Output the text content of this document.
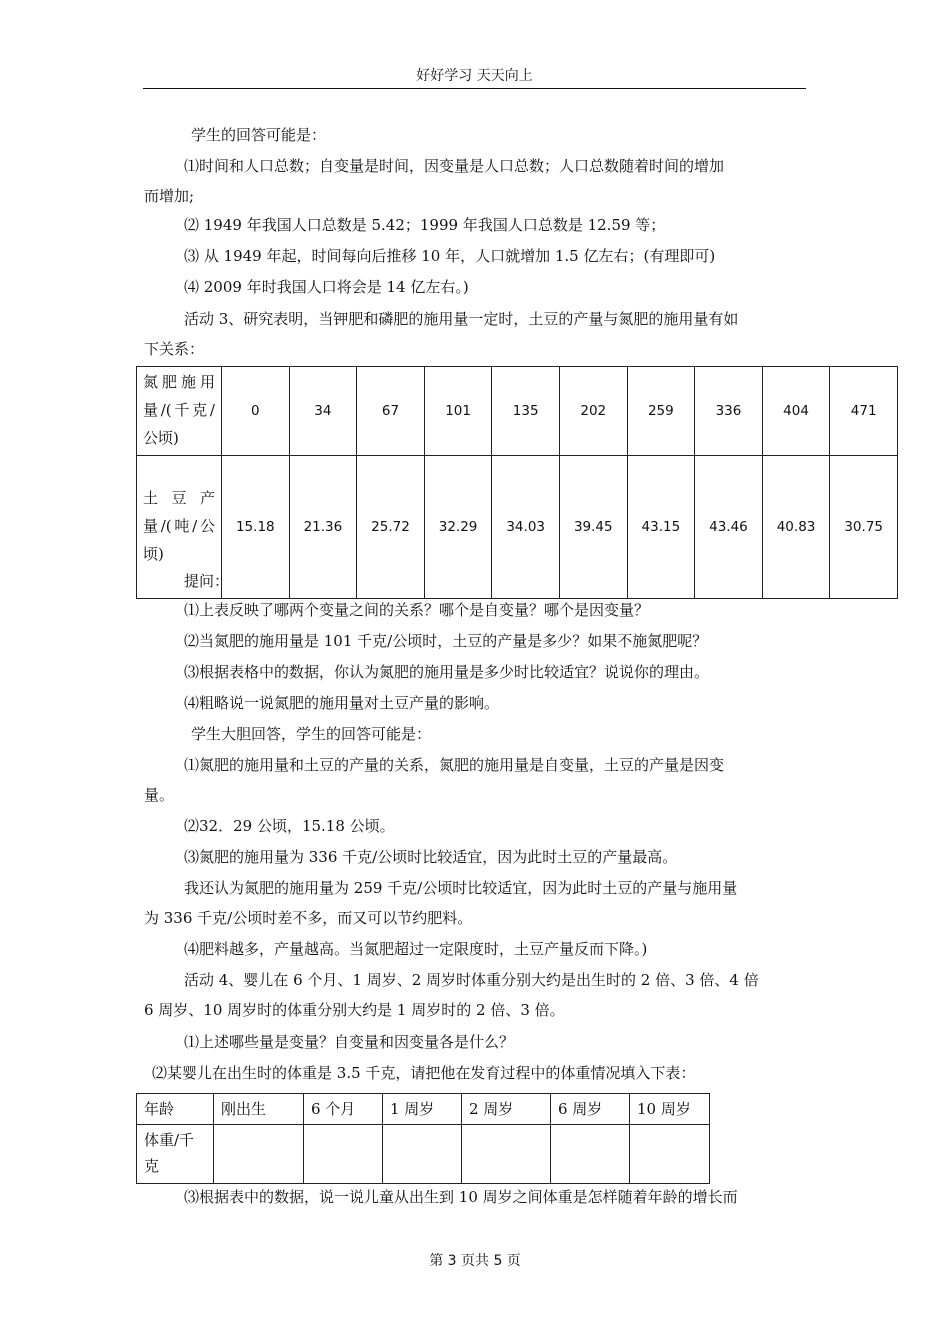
好好学习 天天向上
学生的回答可能是：
⑴时间和人口总数；自变量是时间，因变量是人口总数；人口总数随着时间的增加
而增加;
⑵ 1949 年我国人口总数是 5.42；1999 年我国人口总数是 12.59 等；
⑶ 从 1949 年起，时间每向后推移 10 年，人口就增加 1.5 亿左右；(有理即可)
⑷ 2009 年时我国人口将会是 14 亿左右。)
活动 3、研究表明，当钾肥和磷肥的施用量一定时，土豆的产量与氮肥的施用量有如
下关系：
氮肥施用量/(千克/公顷)	0	34	67	101	135	202	259	336	404	471
土豆产量/(吨/公顷)	15.18	21.36	25.72	32.29	34.03	39.45	43.15	43.46	40.83	30.75
提问：
⑴上表反映了哪两个变量之间的关系？哪个是自变量？哪个是因变量？
⑵当氮肥的施用量是 101 千克/公顷时，土豆的产量是多少？如果不施氮肥呢？
⑶根据表格中的数据，你认为氮肥的施用量是多少时比较适宜？说说你的理由。
⑷粗略说一说氮肥的施用量对土豆产量的影响。
学生大胆回答，学生的回答可能是：
⑴氮肥的施用量和土豆的产量的关系，氮肥的施用量是自变量，土豆的产量是因变
量。
⑵32．29 公顷，15.18 公顷。
⑶氮肥的施用量为 336 千克/公顷时比较适宜，因为此时土豆的产量最高。
我还认为氮肥的施用量为 259 千克/公顷时比较适宜，因为此时土豆的产量与施用量
为 336 千克/公顷时差不多，而又可以节约肥料。
⑷肥料越多，产量越高。当氮肥超过一定限度时，土豆产量反而下降。)
活动 4、婴儿在 6 个月、1 周岁、2 周岁时体重分别大约是出生时的 2 倍、3 倍、4 倍
6 周岁、10 周岁时的体重分别大约是 1 周岁时的 2 倍、3 倍。
⑴上述哪些量是变量？自变量和因变量各是什么？
⑵某婴儿在出生时的体重是 3.5 千克，请把他在发育过程中的体重情况填入下表：
年龄	刚出生	6 个月	1 周岁	2 周岁	6 周岁	10 周岁
体重/千克						
⑶根据表中的数据，说一说儿童从出生到 10 周岁之间体重是怎样随着年龄的增长而
第 3 页共 5 页
